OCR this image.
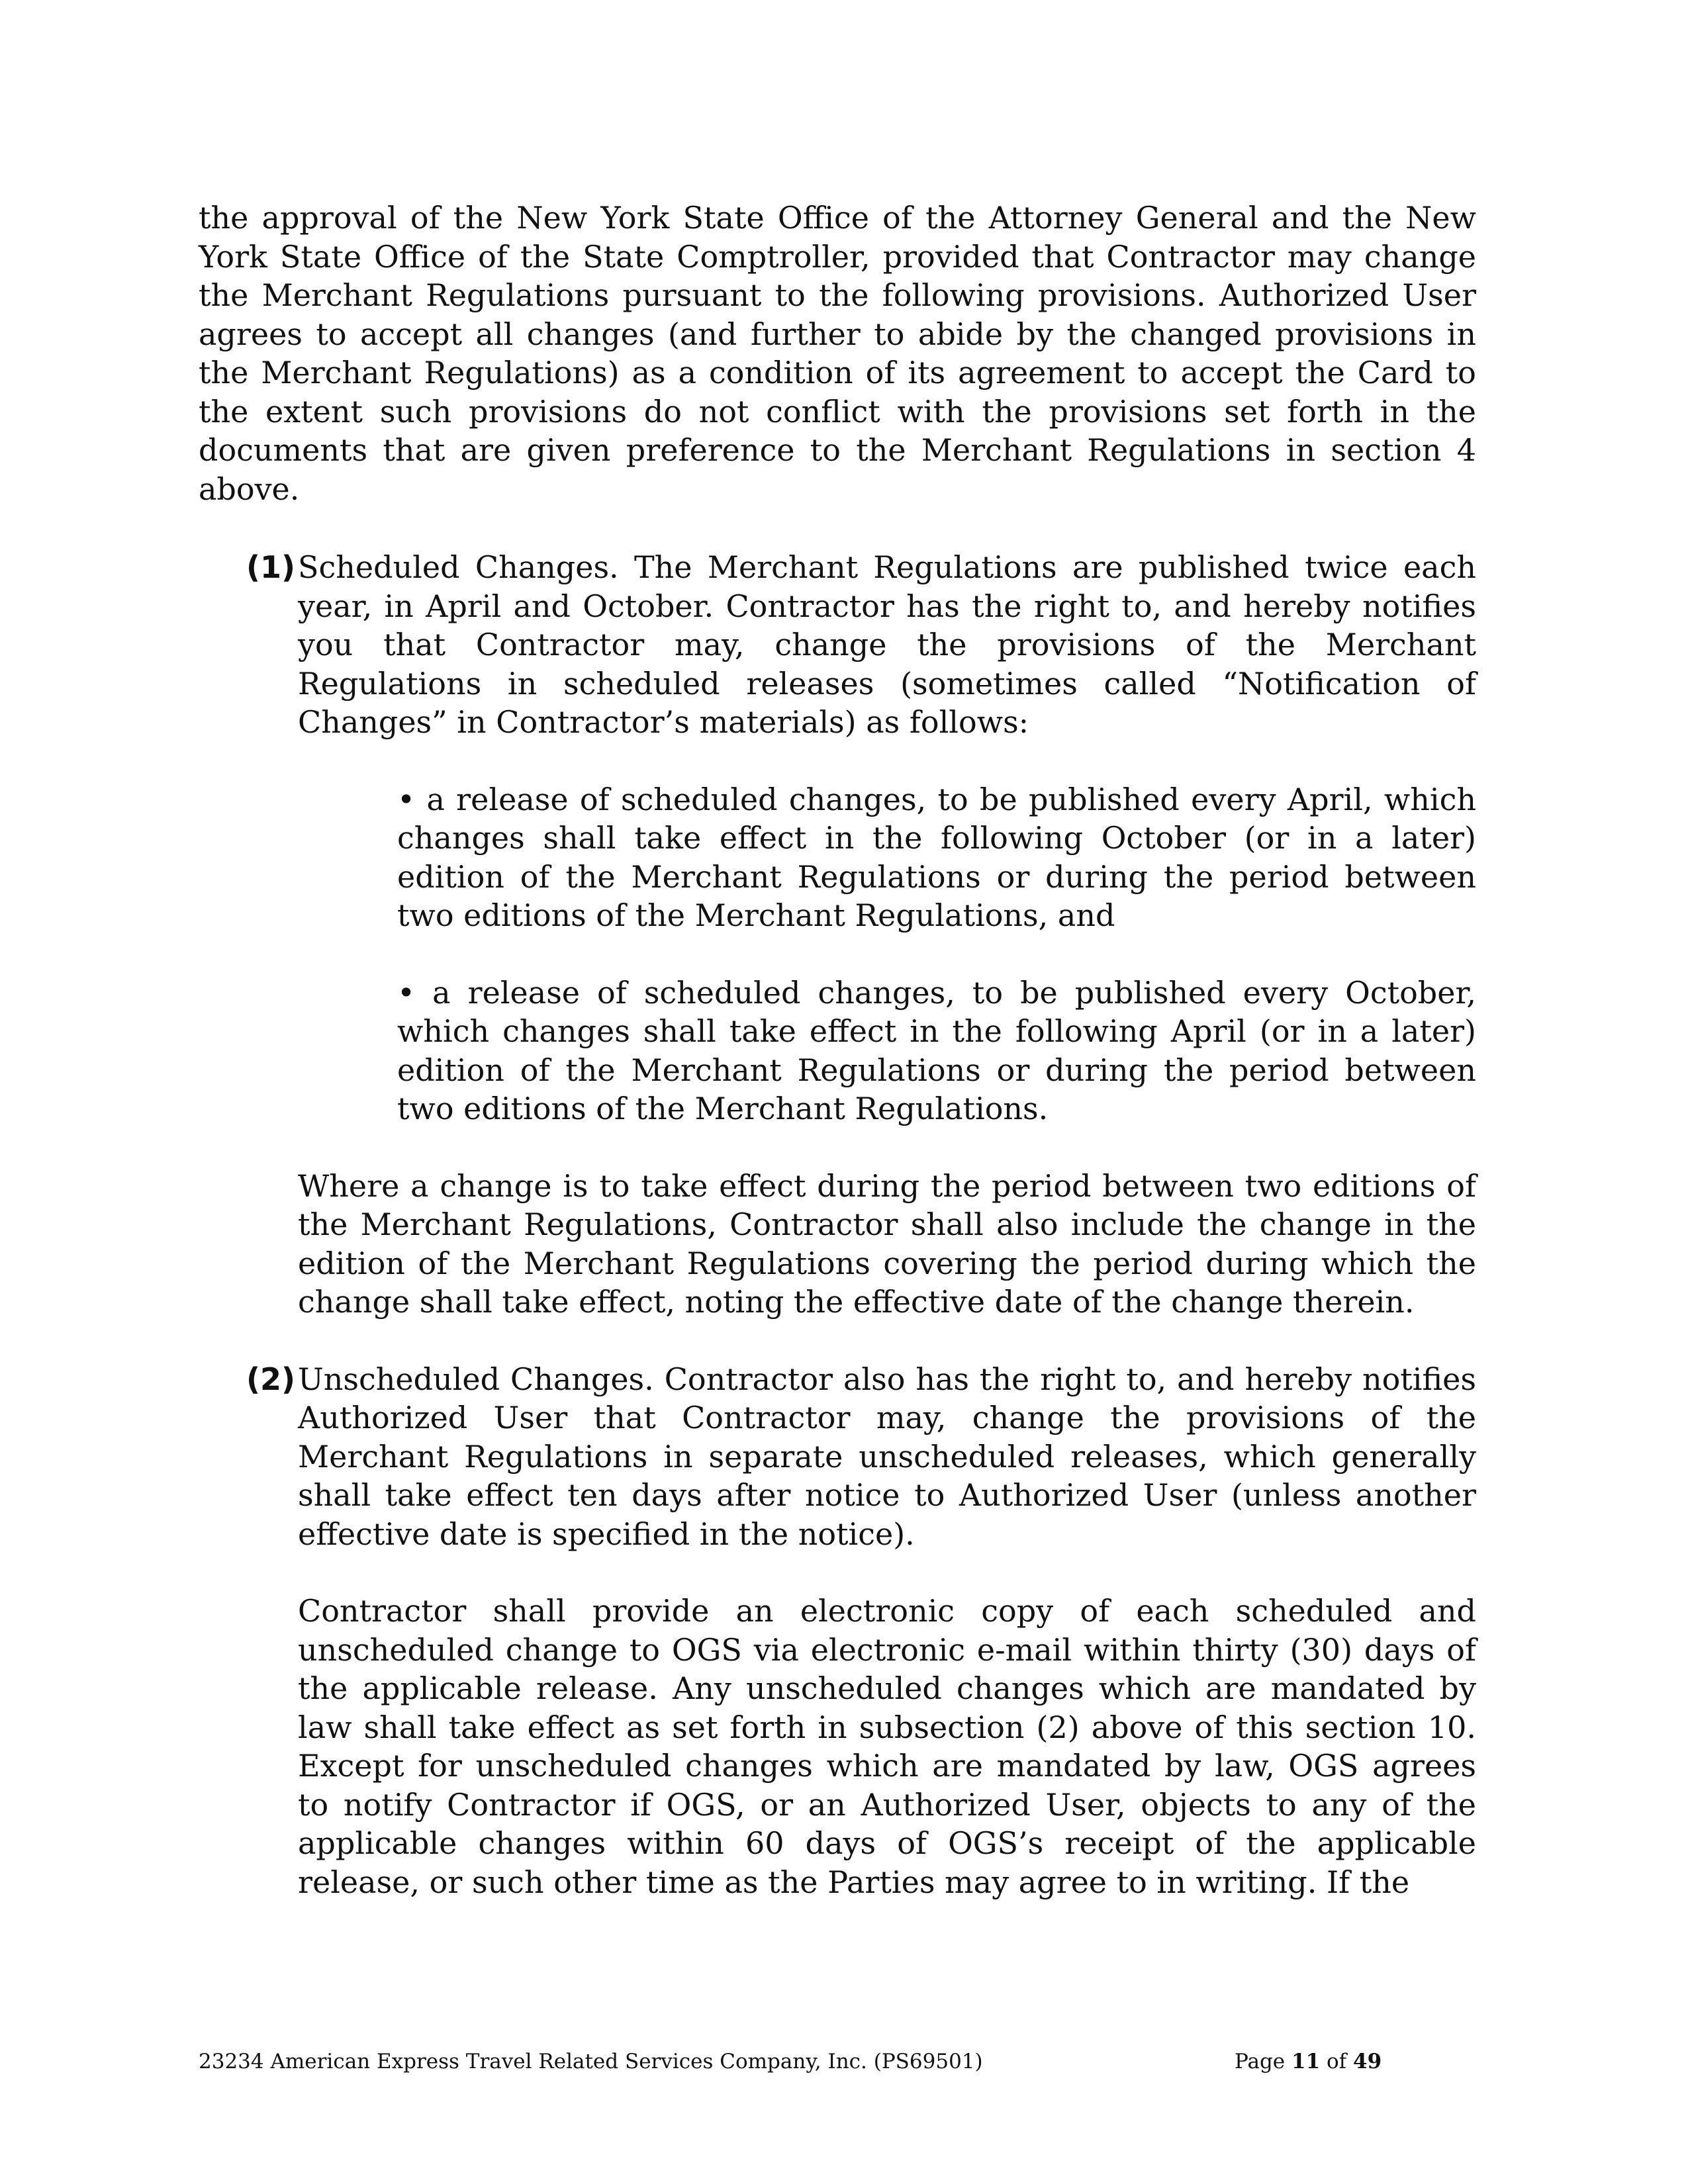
the approval of the New York State Office of the Attorney General and the New York State Office of the State Comptroller, provided that Contractor may change the Merchant Regulations pursuant to the following provisions. Authorized User agrees to accept all changes (and further to abide by the changed provisions in the Merchant Regulations) as a condition of its agreement to accept the Card to the extent such provisions do not conflict with the provisions set forth in the documents that are given preference to the Merchant Regulations in section 4 above.

(1) Scheduled Changes. The Merchant Regulations are published twice each year, in April and October. Contractor has the right to, and hereby notifies you that Contractor may, change the provisions of the Merchant Regulations in scheduled releases (sometimes called “Notification of Changes” in Contractor’s materials) as follows:

• a release of scheduled changes, to be published every April, which changes shall take effect in the following October (or in a later) edition of the Merchant Regulations or during the period between two editions of the Merchant Regulations, and

• a release of scheduled changes, to be published every October, which changes shall take effect in the following April (or in a later) edition of the Merchant Regulations or during the period between two editions of the Merchant Regulations.

Where a change is to take effect during the period between two editions of the Merchant Regulations, Contractor shall also include the change in the edition of the Merchant Regulations covering the period during which the change shall take effect, noting the effective date of the change therein.

(2) Unscheduled Changes. Contractor also has the right to, and hereby notifies Authorized User that Contractor may, change the provisions of the Merchant Regulations in separate unscheduled releases, which generally shall take effect ten days after notice to Authorized User (unless another effective date is specified in the notice).

Contractor shall provide an electronic copy of each scheduled and unscheduled change to OGS via electronic e-mail within thirty (30) days of the applicable release. Any unscheduled changes which are mandated by law shall take effect as set forth in subsection (2) above of this section 10. Except for unscheduled changes which are mandated by law, OGS agrees to notify Contractor if OGS, or an Authorized User, objects to any of the applicable changes within 60 days of OGS’s receipt of the applicable release, or such other time as the Parties may agree to in writing. If the

23234 American Express Travel Related Services Company, Inc. (PS69501)	Page 11 of 49
